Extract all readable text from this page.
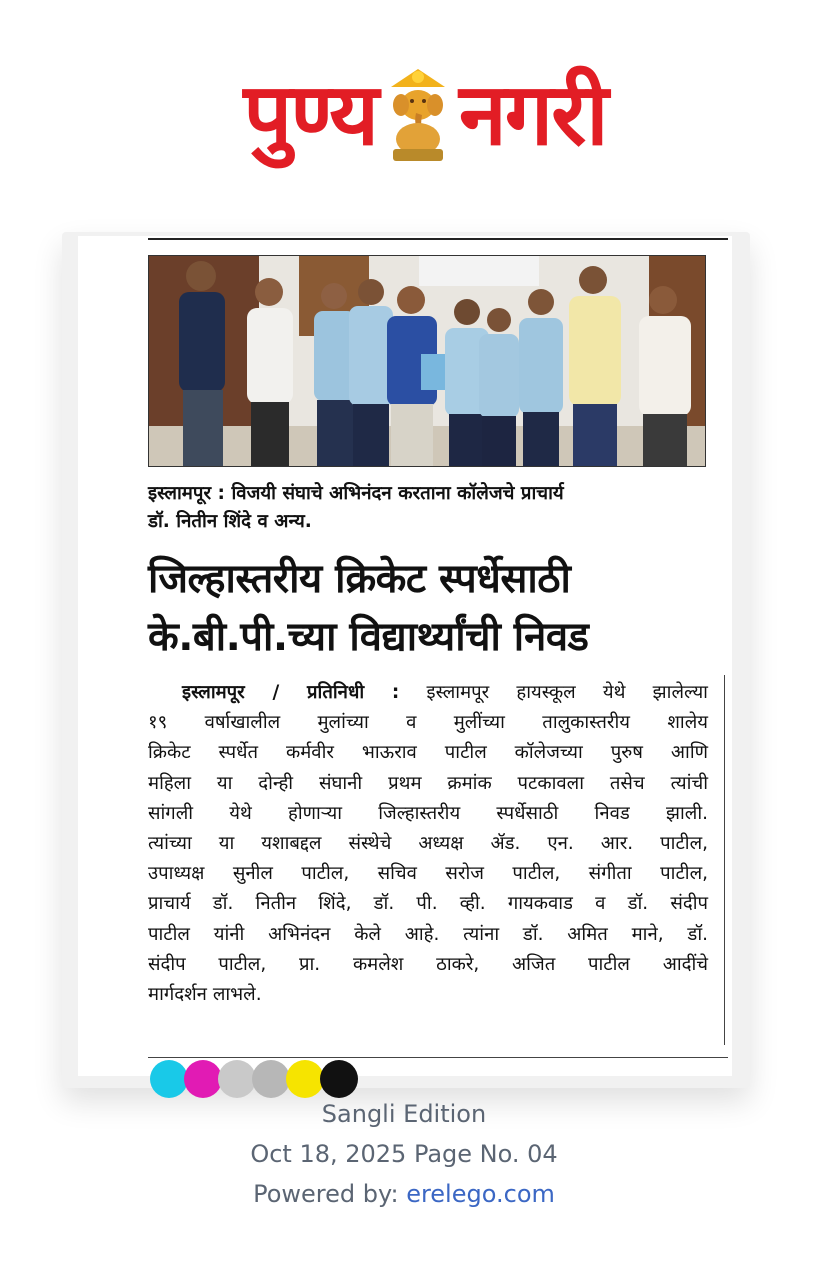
पुण्य नगरी
इस्लामपूर : विजयी संघाचे अभिनंदन करताना कॉलेजचे प्राचार्य
डॉ. नितीन शिंदे व अन्य.
जिल्हास्तरीय क्रिकेट स्पर्धेसाठी
के.बी.पी.च्या विद्यार्थ्यांची निवड
इस्लामपूर / प्रतिनिधी : इस्लामपूर हायस्कूल येथे झालेल्या
१९ वर्षाखालील मुलांच्या व मुलींच्या तालुकास्तरीय शालेय
क्रिकेट स्पर्धेत कर्मवीर भाऊराव पाटील कॉलेजच्या पुरुष आणि
महिला या दोन्ही संघानी प्रथम क्रमांक पटकावला तसेच त्यांची
सांगली येथे होणाऱ्या जिल्हास्तरीय स्पर्धेसाठी निवड झाली.
त्यांच्या या यशाबद्दल संस्थेचे अध्यक्ष ॲड. एन. आर. पाटील,
उपाध्यक्ष सुनील पाटील, सचिव सरोज पाटील, संगीता पाटील,
प्राचार्य डॉ. नितीन शिंदे, डॉ. पी. व्ही. गायकवाड व डॉ. संदीप
पाटील यांनी अभिनंदन केले आहे. त्यांना डॉ. अमित माने, डॉ.
संदीप पाटील, प्रा. कमलेश ठाकरे, अजित पाटील आदींचे
मार्गदर्शन लाभले.
Sangli Edition
Oct 18, 2025 Page No. 04
Powered by: erelego.com
